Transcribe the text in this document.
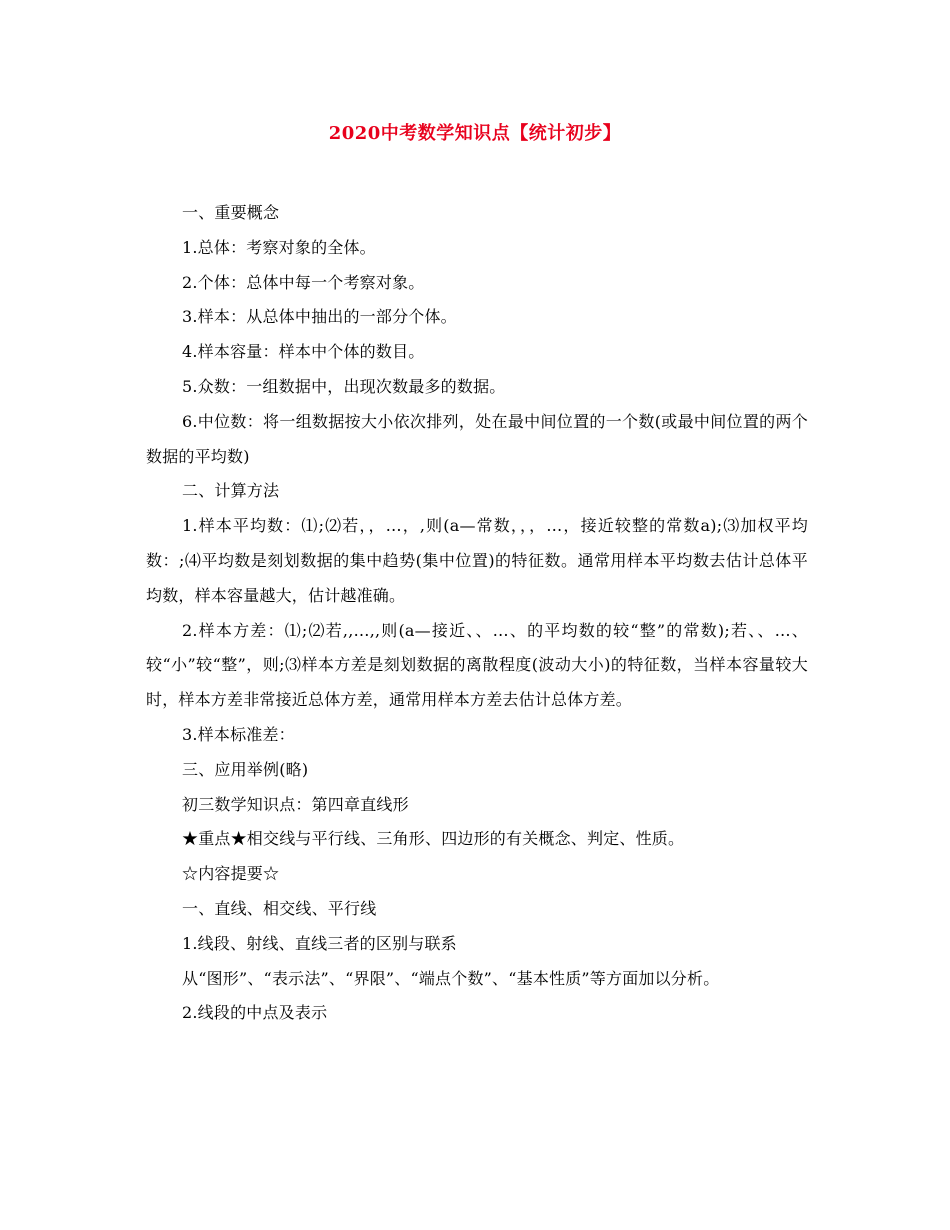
2020中考数学知识点【统计初步】

一、重要概念

1.总体：考察对象的全体。

2.个体：总体中每一个考察对象。

3.样本：从总体中抽出的一部分个体。

4.样本容量：样本中个体的数目。

5.众数：一组数据中，出现次数最多的数据。

6.中位数：将一组数据按大小依次排列，处在最中间位置的一个数(或最中间位置的两个数据的平均数)

二、计算方法

1.样本平均数：⑴;⑵若，，…，,则(a—常数，，，…，接近较整的常数a);⑶加权平均数：;⑷平均数是刻划数据的集中趋势(集中位置)的特征数。通常用样本平均数去估计总体平均数，样本容量越大，估计越准确。

2.样本方差：⑴;⑵若,,…,,则(a—接近、、…、的平均数的较“整”的常数);若、、…、较“小”较“整”，则;⑶样本方差是刻划数据的离散程度(波动大小)的特征数，当样本容量较大时，样本方差非常接近总体方差，通常用样本方差去估计总体方差。

3.样本标准差：

三、应用举例(略)

初三数学知识点：第四章直线形

★重点★相交线与平行线、三角形、四边形的有关概念、判定、性质。

☆内容提要☆

一、直线、相交线、平行线

1.线段、射线、直线三者的区别与联系

从“图形”、“表示法”、“界限”、“端点个数”、“基本性质”等方面加以分析。

2.线段的中点及表示
